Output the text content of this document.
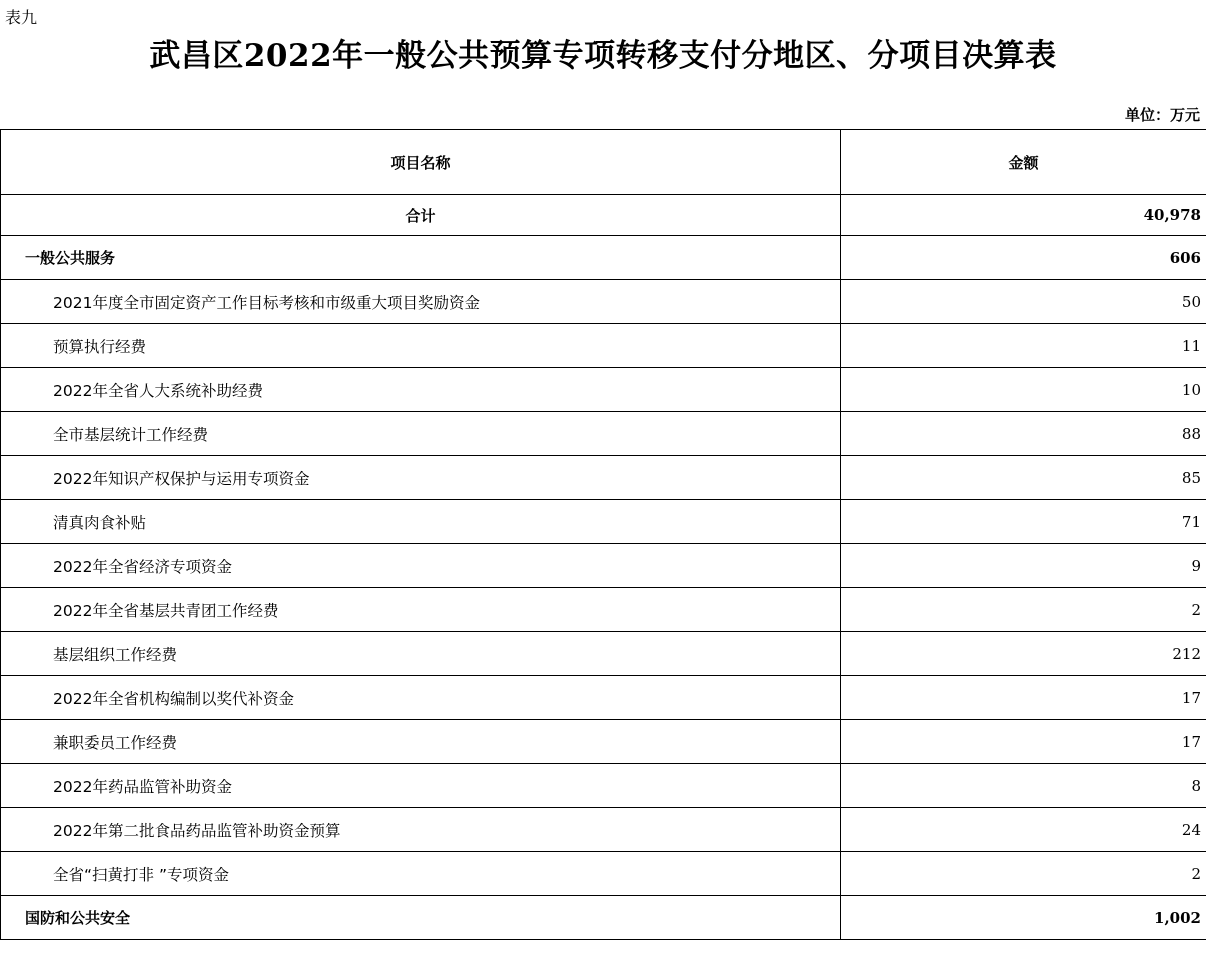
表九
武昌区2022年一般公共预算专项转移支付分地区、分项目决算表
单位：万元
项目名称	金额
合计	40,978
一般公共服务	606
2021年度全市固定资产工作目标考核和市级重大项目奖励资金	50
预算执行经费	11
2022年全省人大系统补助经费	10
全市基层统计工作经费	88
2022年知识产权保护与运用专项资金	85
清真肉食补贴	71
2022年全省经济专项资金	9
2022年全省基层共青团工作经费	2
基层组织工作经费	212
2022年全省机构编制以奖代补资金	17
兼职委员工作经费	17
2022年药品监管补助资金	8
2022年第二批食品药品监管补助资金预算	24
全省“扫黄打非 ”专项资金	2
国防和公共安全	1,002
